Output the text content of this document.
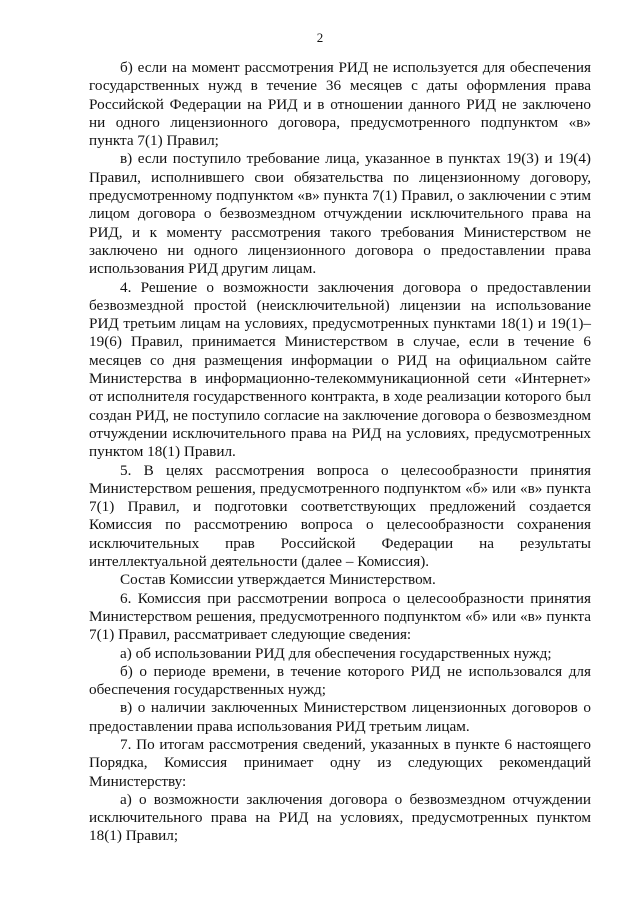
2

б) если на момент рассмотрения РИД не используется для обеспечения государственных нужд в течение 36 месяцев с даты оформления права Российской Федерации на РИД и в отношении данного РИД не заключено ни одного лицензионного договора, предусмотренного подпунктом «в» пункта 7(1) Правил;

в) если поступило требование лица, указанное в пунктах 19(3) и 19(4) Правил, исполнившего свои обязательства по лицензионному договору, предусмотренному подпунктом «в» пункта 7(1) Правил, о заключении с этим лицом договора о безвозмездном отчуждении исключительного права на РИД, и к моменту рассмотрения такого требования Министерством не заключено ни одного лицензионного договора о предоставлении права использования РИД другим лицам.

4. Решение о возможности заключения договора о предоставлении безвозмездной простой (неисключительной) лицензии на использование РИД третьим лицам на условиях, предусмотренных пунктами 18(1) и 19(1)–19(6) Правил, принимается Министерством в случае, если в течение 6 месяцев со дня размещения информации о РИД на официальном сайте Министерства в информационно-телекоммуникационной сети «Интернет» от исполнителя государственного контракта, в ходе реализации которого был создан РИД, не поступило согласие на заключение договора о безвозмездном отчуждении исключительного права на РИД на условиях, предусмотренных пунктом 18(1) Правил.

5. В целях рассмотрения вопроса о целесообразности принятия Министерством решения, предусмотренного подпунктом «б» или «в» пункта 7(1) Правил, и подготовки соответствующих предложений создается Комиссия по рассмотрению вопроса о целесообразности сохранения исключительных прав Российской Федерации на результаты интеллектуальной деятельности (далее – Комиссия).

Состав Комиссии утверждается Министерством.

6. Комиссия при рассмотрении вопроса о целесообразности принятия Министерством решения, предусмотренного подпунктом «б» или «в» пункта 7(1) Правил, рассматривает следующие сведения:

а) об использовании РИД для обеспечения государственных нужд;

б) о периоде времени, в течение которого РИД не использовался для обеспечения государственных нужд;

в) о наличии заключенных Министерством лицензионных договоров о предоставлении права использования РИД третьим лицам.

7. По итогам рассмотрения сведений, указанных в пункте 6 настоящего Порядка, Комиссия принимает одну из следующих рекомендаций Министерству:

а) о возможности заключения договора о безвозмездном отчуждении исключительного права на РИД на условиях, предусмотренных пунктом 18(1) Правил;
